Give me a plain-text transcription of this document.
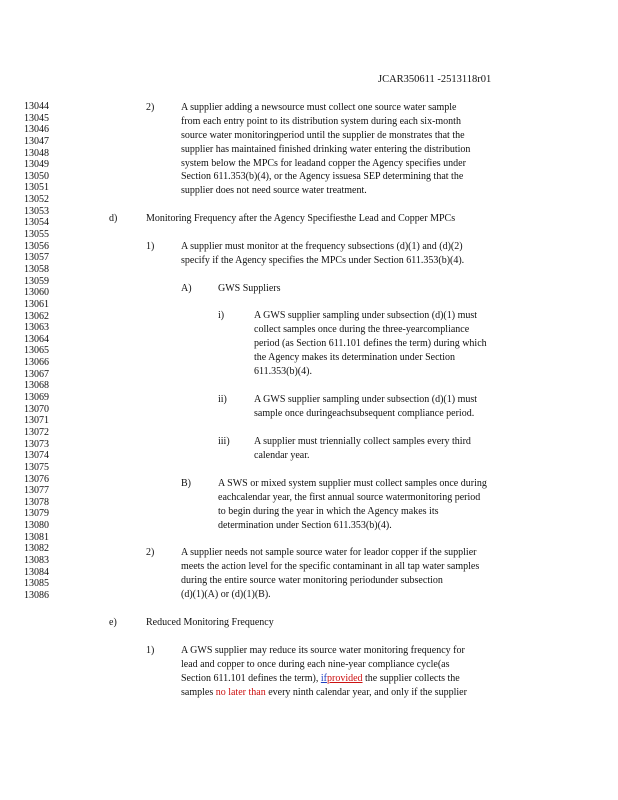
JCAR350611 -2513118r01
13044
13045
13046
13047
13048
13049
13050
13051
13052
13053
13054
13055
13056
13057
13058
13059
13060
13061
13062
13063
13064
13065
13066
13067
13068
13069
13070
13071
13072
13073
13074
13075
13076
13077
13078
13079
13080
13081
13082
13083
13084
13085
13086
2)	A supplier adding a newsource must collect one source water sample
from each entry point to its distribution system during each six-month
source water monitoringperiod until the supplier de monstrates that the
supplier has maintained finished drinking water entering the distribution
system below the MPCs for leadand copper the Agency specifies under
Section 611.353(b)(4), or the Agency issuesa SEP determining that the
supplier does not need source water treatment.
d)	Monitoring Frequency after the Agency Specifiesthe Lead and Copper MPCs
1)	A supplier must monitor at the frequency subsections (d)(1) and (d)(2)
specify if the Agency specifies the MPCs under Section 611.353(b)(4).
A)	GWS Suppliers
i)	A GWS supplier sampling under subsection (d)(1) must
collect samples once during the three-yearcompliance
period (as Section 611.101 defines the term) during which
the Agency makes its determination under Section
611.353(b)(4).
ii)	A GWS supplier sampling under subsection (d)(1) must
sample once duringeachsubsequent compliance period.
iii) A supplier must triennially collect samples every third
calendar year.
B)	A SWS or mixed system supplier must collect samples once during
eachcalendar year, the first annual source watermonitoring period
to begin during the year in which the Agency makes its
determination under Section 611.353(b)(4).
2)	A supplier needs not sample source water for leador copper if the supplier
meets the action level for the specific contaminant in all tap water samples
during the entire source water monitoring periodunder subsection
(d)(1)(A) or (d)(1)(B).
e)	Reduced Monitoring Frequency
1)	A GWS supplier may reduce its source water monitoring frequency for
lead and copper to once during each nine-year compliance cycle(as
Section 611.101 defines the term), ifprovided the supplier collects the
samples no later than every ninth calendar year, and only if the supplier
